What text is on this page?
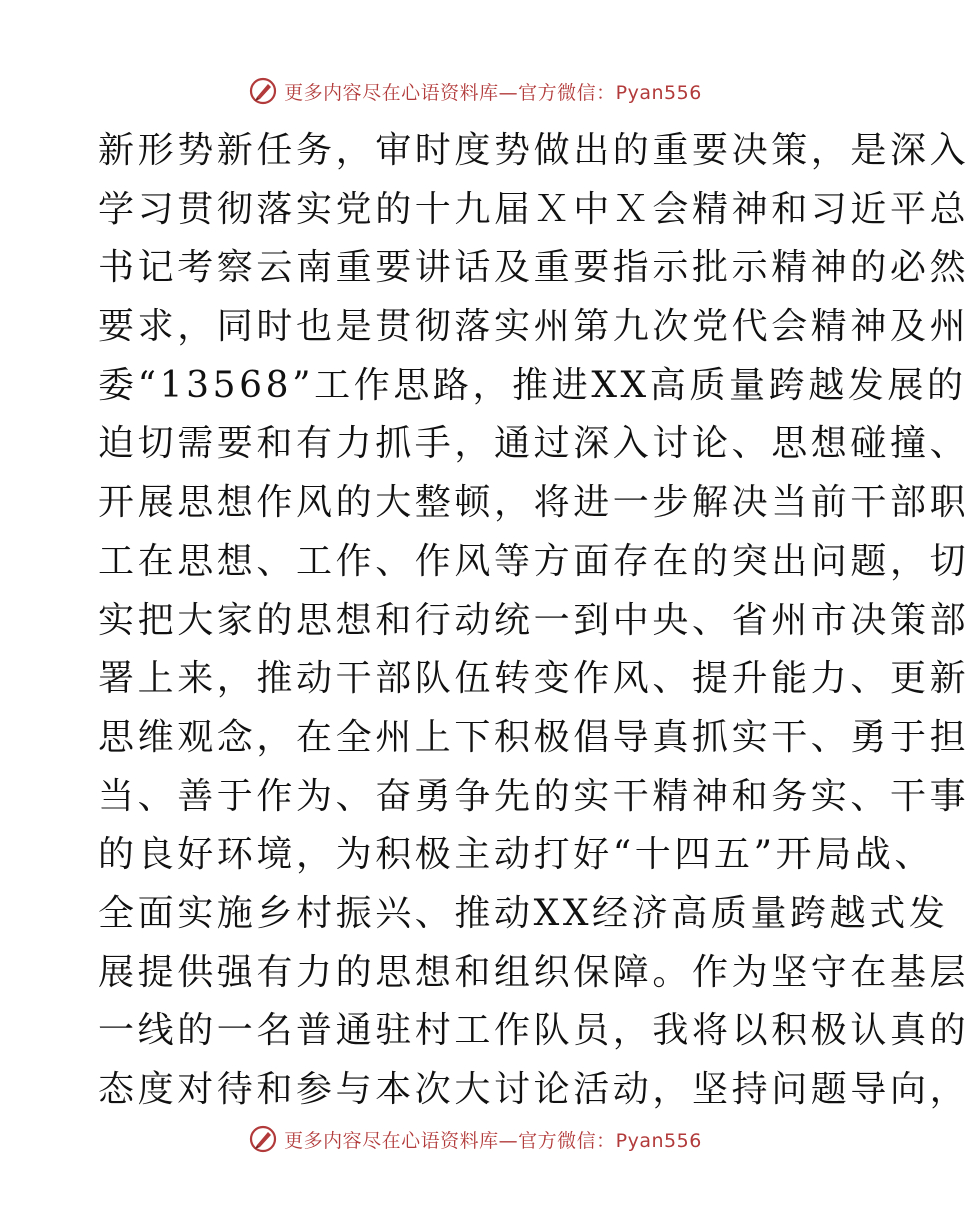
更多内容尽在心语资料库—官方微信：Pyan556
新形势新任务，审时度势做出的重要决策，是深入
学习贯彻落实党的十九届Ｘ中Ｘ会精神和习近平总
书记考察云南重要讲话及重要指示批示精神的必然
要求，同时也是贯彻落实州第九次党代会精神及州
委“13568”工作思路，推进XX高质量跨越发展的
迫切需要和有力抓手，通过深入讨论、思想碰撞、
开展思想作风的大整顿，将进一步解决当前干部职
工在思想、工作、作风等方面存在的突出问题，切
实把大家的思想和行动统一到中央、省州市决策部
署上来，推动干部队伍转变作风、提升能力、更新
思维观念，在全州上下积极倡导真抓实干、勇于担
当、善于作为、奋勇争先的实干精神和务实、干事
的良好环境，为积极主动打好“十四五”开局战、
全面实施乡村振兴、推动XX经济高质量跨越式发
展提供强有力的思想和组织保障。作为坚守在基层
一线的一名普通驻村工作队员，我将以积极认真的
态度对待和参与本次大讨论活动，坚持问题导向，
更多内容尽在心语资料库—官方微信：Pyan556
